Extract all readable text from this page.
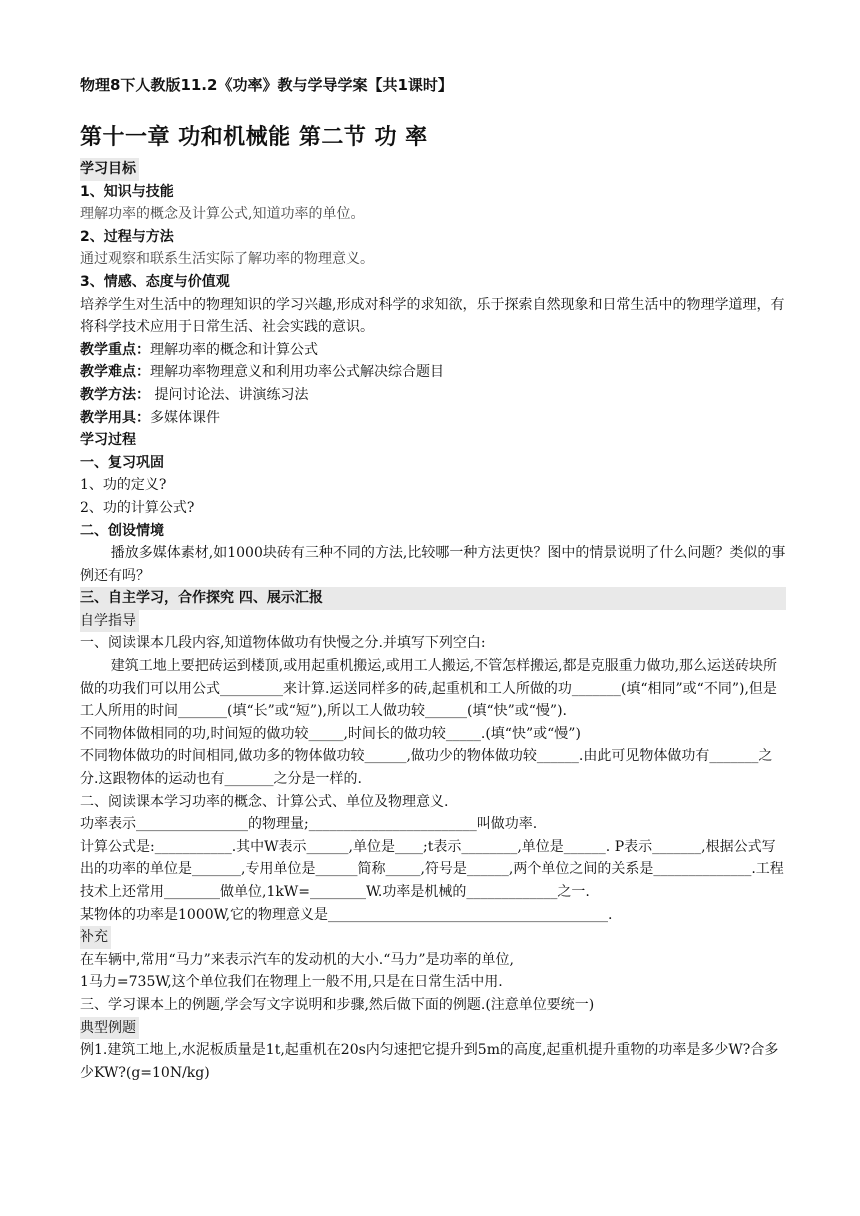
物理8下人教版11.2《功率》教与学导学案【共1课时】
第十一章 功和机械能 第二节 功 率

学习目标

1、知识与技能

理解功率的概念及计算公式,知道功率的单位。

2、过程与方法

通过观察和联系生活实际了解功率的物理意义。

3、情感、态度与价值观

培养学生对生活中的物理知识的学习兴趣,形成对科学的求知欲，乐于探索自然现象和日常生活中的物理学道理，有将科学技术应用于日常生活、社会实践的意识。

教学重点：理解功率的概念和计算公式

教学难点：理解功率物理意义和利用功率公式解决综合题目

教学方法： 提问讨论法、讲演练习法

教学用具：多媒体课件

学习过程

一、复习巩固

1、功的定义?

2、功的计算公式?

二、创设情境

播放多媒体素材,如1000块砖有三种不同的方法,比较哪一种方法更快？图中的情景说明了什么问题？类似的事例还有吗？

三、自主学习，合作探究 四、展示汇报

自学指导

一、阅读课本几段内容,知道物体做功有快慢之分.并填写下列空白:

建筑工地上要把砖运到楼顶,或用起重机搬运,或用工人搬运,不管怎样搬运,都是克服重力做功,那么运送砖块所做的功我们可以用公式_________来计算.运送同样多的砖,起重机和工人所做的功_______(填“相同”或“不同”),但是工人所用的时间_______(填“长”或“短”),所以工人做功较______(填“快”或“慢”).

不同物体做相同的功,时间短的做功较_____,时间长的做功较_____.(填“快”或“慢”)

不同物体做功的时间相同,做功多的物体做功较______,做功少的物体做功较______.由此可见物体做功有_______之分.这跟物体的运动也有_______之分是一样的.

二、阅读课本学习功率的概念、计算公式、单位及物理意义.

功率表示________________的物理量;________________________叫做功率.

计算公式是:___________.其中W表示______,单位是____;t表示________,单位是______. P表示_______,根据公式写出的功率的单位是_______,专用单位是______简称_____,符号是______,两个单位之间的关系是______________.工程技术上还常用________做单位,1kW=________W.功率是机械的_____________之一.

某物体的功率是1000W,它的物理意义是________________________________________.

补充

在车辆中,常用“马力”来表示汽车的发动机的大小.“马力”是功率的单位,

1马力=735W,这个单位我们在物理上一般不用,只是在日常生活中用.

三、学习课本上的例题,学会写文字说明和步骤,然后做下面的例题.(注意单位要统一)

典型例题

例1.建筑工地上,水泥板质量是1t,起重机在20s内匀速把它提升到5m的高度,起重机提升重物的功率是多少W?合多少KW?(g=10N/kg)
